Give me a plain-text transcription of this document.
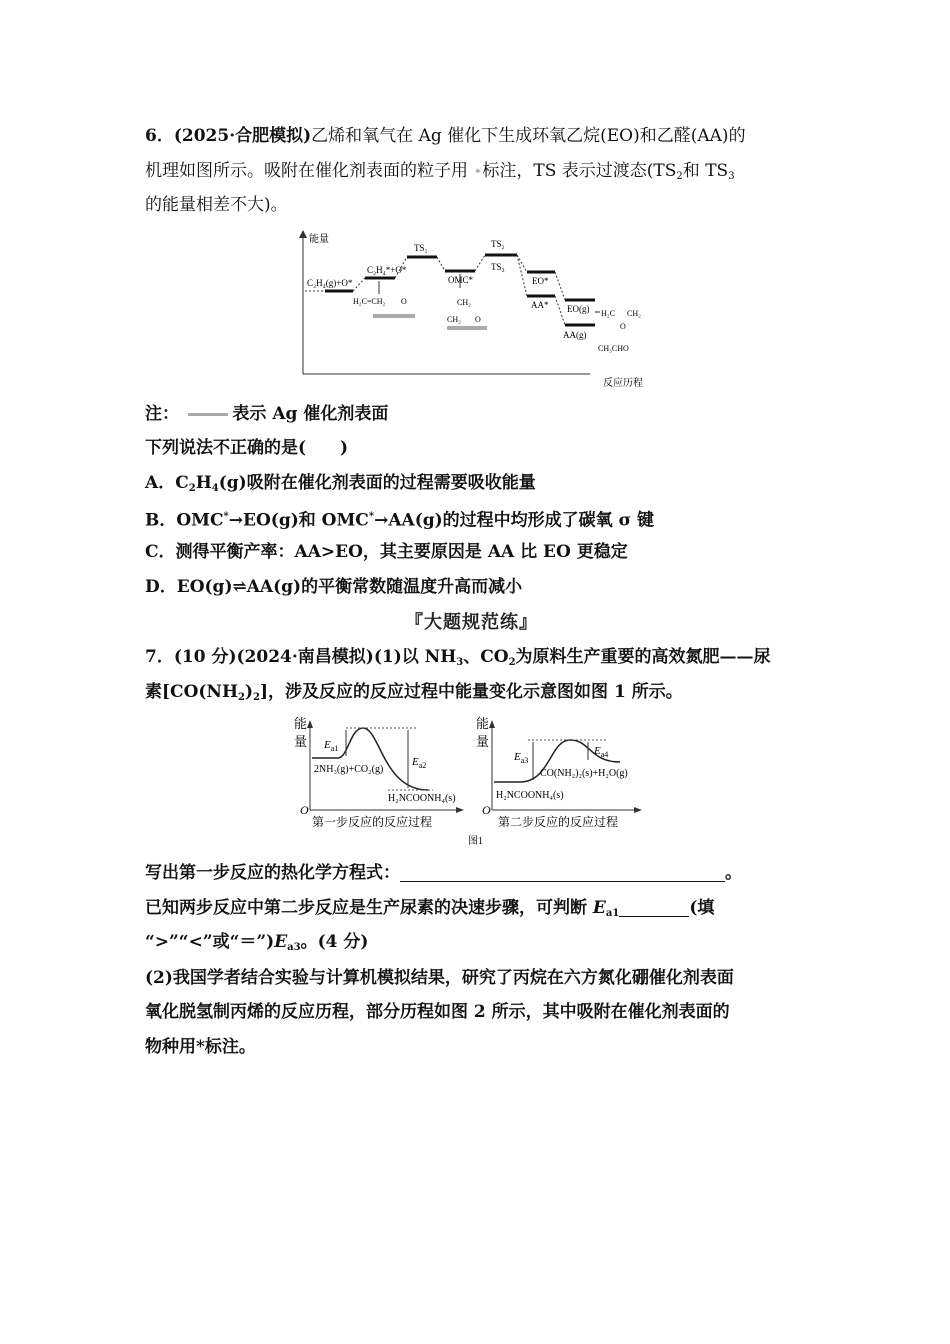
6．(2025·合肥模拟)乙烯和氧气在 Ag 催化下生成环氧乙烷(EO)和乙醛(AA)的
机理如图所示。吸附在催化剂表面的粒子用 * 标注，TS 表示过渡态($TS_2$和 $TS_3$
的能量相差不大)。
能量
反应历程
C₂H₄(g)+O*
C₂H₄*+O*
TS₁
OMC*
TS₂
TS₃
EO*
AA* EO(g)
AA(g)
H₂C=CH₂ O	CH₂
CH₂ O
H₂C CH₂
O
CH₃CHO
注：	表示 Ag 催化剂表面
下列说法不正确的是(　　)
A．$C_2H_4(g)$吸附在催化剂表面的过程需要吸收能量
B．OMC*→EO(g)和 OMC*→AA(g)的过程中均形成了碳氧 σ 键
C．测得平衡产率：AA>EO，其主要原因是 AA 比 EO 更稳定
D．EO(g)⇌AA(g)的平衡常数随温度升高而减小
『大题规范练』
7．(10 分)(2024·南昌模拟)(1)以 $NH_3$、$CO_2$为原料生产重要的高效氮肥——尿
素$[CO(NH_2)_2]$，涉及反应的反应过程中能量变化示意图如图 1 所示。
能
量
O
$E_{a1}$
$E_{a2}$
2NH₃(g)+CO₂(g)
H₂NCOONH₄(s)
第一步反应的反应过程
能
量
O
$E_{a3}$
$E_{a4}$
CO(NH₂)₂(s)+H₂O(g)
H₂NCOONH₄(s)
第二步反应的反应过程
图1
写出第一步反应的热化学方程式：	。
已知两步反应中第二步反应是生产尿素的决速步骤，可判断 $E_{a1}$	(填
“>”“<”或“$=”)E_{a3}$。(4 分)
(2)我国学者结合实验与计算机模拟结果，研究了丙烷在六方氮化硼催化剂表面
氧化脱氢制丙烯的反应历程，部分历程如图 2 所示，其中吸附在催化剂表面的
物种用*标注。
